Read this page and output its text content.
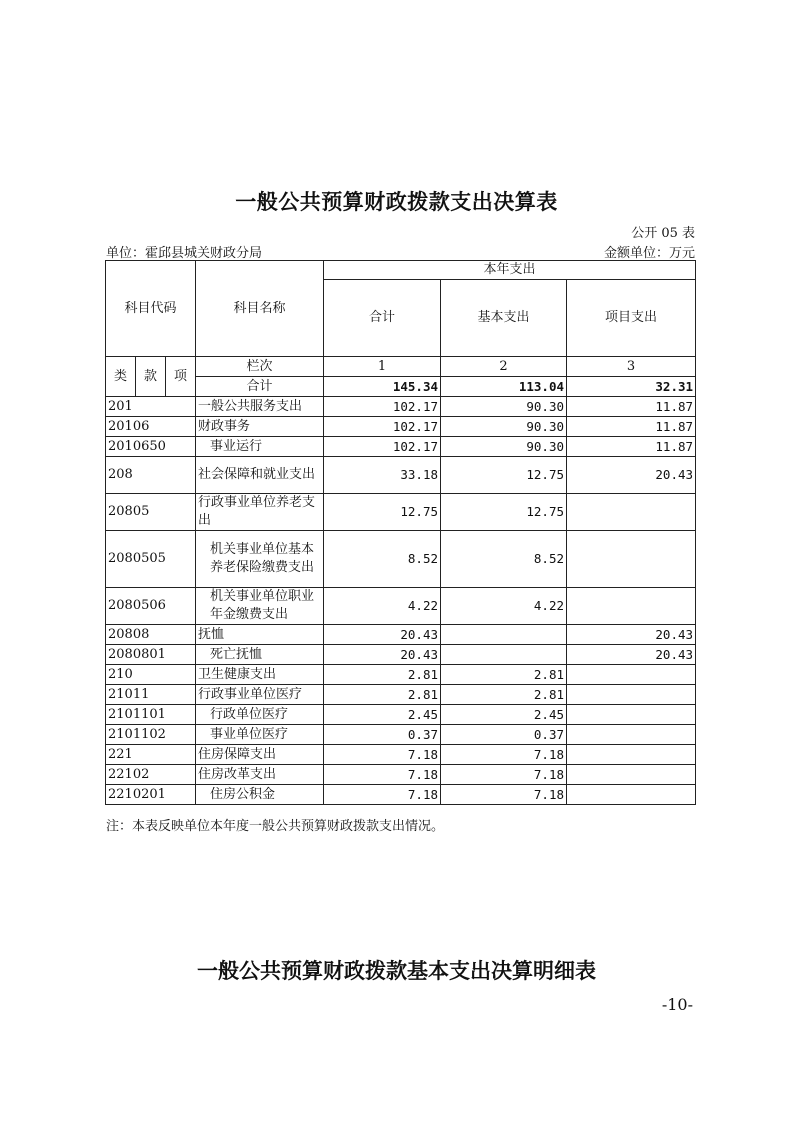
一般公共预算财政拨款支出决算表
公开 05 表
单位：霍邱县城关财政分局	金额单位：万元
科目代码			科目名称	本年支出		
				合计	基本支出	项目支出
类	款	项	栏次	1	2	3
			合计	145.34	113.04	32.31
201			一般公共服务支出	102.17	90.30	11.87
20106			财政事务	102.17	90.30	11.87
2010650			事业运行	102.17	90.30	11.87
208			社会保障和就业支出	33.18	12.75	20.43
20805			行政事业单位养老支出	12.75	12.75	
2080505			机关事业单位基本养老保险缴费支出	8.52	8.52	
2080506			机关事业单位职业年金缴费支出	4.22	4.22	
20808			抚恤	20.43		20.43
2080801			死亡抚恤	20.43		20.43
210			卫生健康支出	2.81	2.81	
21011			行政事业单位医疗	2.81	2.81	
2101101			行政单位医疗	2.45	2.45	
2101102			事业单位医疗	0.37	0.37	
221			住房保障支出	7.18	7.18	
22102			住房改革支出	7.18	7.18	
2210201			住房公积金	7.18	7.18	
注：本表反映单位本年度一般公共预算财政拨款支出情况。
一般公共预算财政拨款基本支出决算明细表
-10-
